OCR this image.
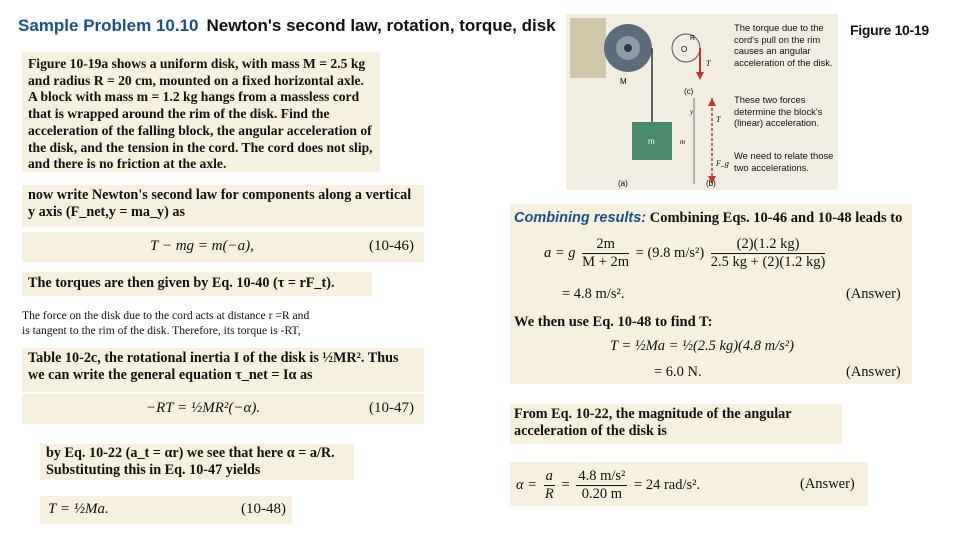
Sample Problem 10.10 Newton's second law, rotation, torque, disk
Figure 10-19a shows a uniform disk, with mass M = 2.5 kg and radius R = 20 cm, mounted on a fixed horizontal axle. A block with mass m = 1.2 kg hangs from a massless cord that is wrapped around the rim of the disk. Find the acceleration of the falling block, the angular acceleration of the disk, and the tension in the cord. The cord does not slip, and there is no friction at the axle.
now write Newton's second law for components along a vertical y axis (F_net,y = ma_y) as
T − mg = m(−a),	(10-46)
The torques are then given by Eq. 10-40 (τ = rF_t).
The force on the disk due to the cord acts at distance r =R and
is tangent to the rim of the disk. Therefore, its torque is -RT,
Table 10-2c, the rotational inertia I of the disk is ½MR². Thus we can write the general equation τ_net = Iα as
−RT = ½MR²(−α).	(10-47)
by Eq. 10-22 (a_t = αr) we see that here α = a/R. Substituting this in Eq. 10-47 yields
T = ½Ma.	(10-48)
M
m
O
R
T
T
F_g
y
m
(a)	(b)
(c)
The torque due to the cord's pull on the rim causes an angular acceleration of the disk.
These two forces determine the block's (linear) acceleration.
We need to relate those two accelerations.
Figure 10-19
Combining results: Combining Eqs. 10-46 and 10-48 leads to
a = g $\frac{2m}{M + 2m} = (9.8$ $m/s^2) \frac{(2)(1.2 kg)}{2.5 kg + (2)(1.2 kg)}$
= 4.8 m/s².	(Answer)
We then use Eq. 10-48 to find T:
T = ½Ma = ½(2.5 kg)(4.8 m/s²)
= 6.0 N.	(Answer)
From Eq. 10-22, the magnitude of the angular acceleration of the disk is
$\alpha = \frac{a}{R} = \frac{\text{4.8 m/s²}}{0.20 m} = 24$ rad/s².	(Answer)
